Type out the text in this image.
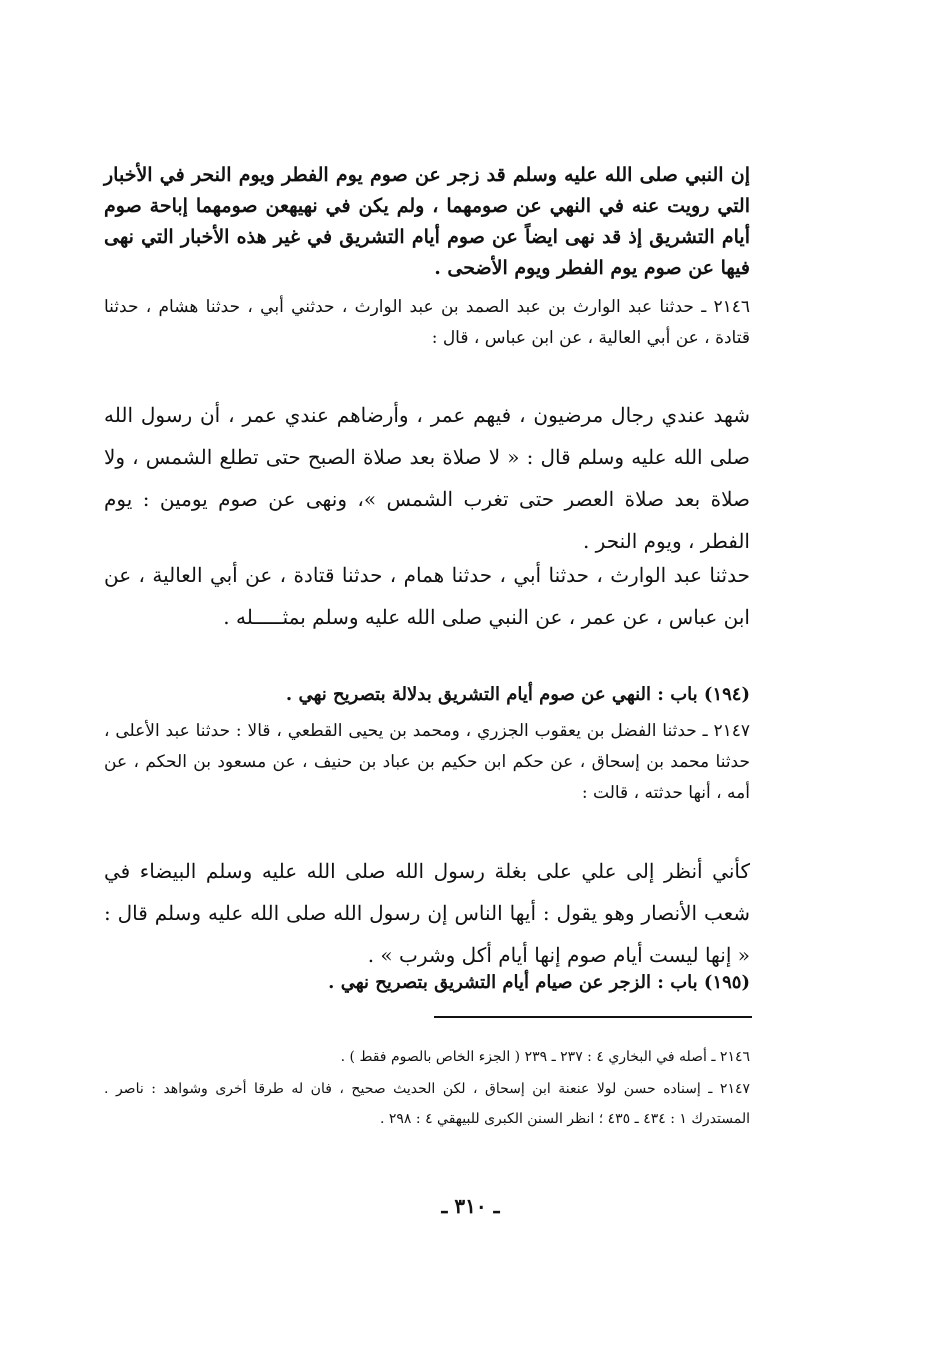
إن النبي صلى الله عليه وسلم قد زجر عن صوم يوم الفطر ويوم النحر في الأخبار التي رويت عنه في النهي عن صومهما ، ولم يكن في نهيهعن صومهما إباحة صوم أيام التشريق إذ قد نهى ايضاً عن صوم أيام التشريق في غير هذه الأخبار التي نهى فيها عن صوم يوم الفطر ويوم الأضحى .

٢١٤٦ ـ حدثنا عبد الوارث بن عبد الصمد بن عبد الوارث ، حدثني أبي ، حدثنا هشام ، حدثنا قتادة ، عن أبي العالية ، عن ابن عباس ، قال :

شهد عندي رجال مرضيون ، فيهم عمر ، وأرضاهم عندي عمر ، أن رسول الله صلى الله عليه وسلم قال : « لا صلاة بعد صلاة الصبح حتى تطلع الشمس ، ولا صلاة بعد صلاة العصر حتى تغرب الشمس »، ونهى عن صوم يومين : يوم الفطر ، ويوم النحر .

حدثنا عبد الوارث ، حدثنا أبي ، حدثنا همام ، حدثنا قتادة ، عن أبي العالية ، عن ابن عباس ، عن عمر ، عن النبي صلى الله عليه وسلم بمثـــــله .

(١٩٤) باب : النهي عن صوم أيام التشريق بدلالة بتصريح نهي .

٢١٤٧ ـ حدثنا الفضل بن يعقوب الجزري ، ومحمد بن يحيى القطعي ، قالا : حدثنا عبد الأعلى ، حدثنا محمد بن إسحاق ، عن حكم ابن حكيم بن عباد بن حنيف ، عن مسعود بن الحكم ، عن أمه ، أنها حدثته ، قالت :

كأني أنظر إلى علي على بغلة رسول الله صلى الله عليه وسلم البيضاء في شعب الأنصار وهو يقول : أيها الناس إن رسول الله صلى الله عليه وسلم قال : « إنها ليست أيام صوم إنها أيام أكل وشرب » .

(١٩٥) باب : الزجر عن صيام أيام التشريق بتصريح نهي .

٢١٤٦ ـ أصله في البخاري ٤ : ٢٣٧ ـ ٢٣٩ ( الجزء الخاص بالصوم فقط ) .

٢١٤٧ ـ إسناده حسن لولا عنعنة ابن إسحاق ، لكن الحديث صحيح ، فان له طرقا أخرى وشواهد : ناصر . المستدرك ١ : ٤٣٤ ـ ٤٣٥ ؛ انظر السنن الكبرى للبيهقي ٤ : ٢٩٨ .

ـ ٣١٠ ـ
